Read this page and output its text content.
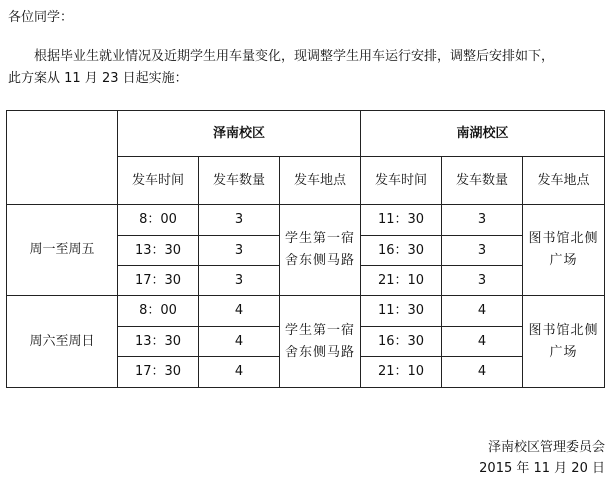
各位同学：
根据毕业生就业情况及近期学生用车量变化，现调整学生用车运行安排，调整后安排如下，
此方案从 11 月 23 日起实施：
	泽南校区			南湖校区		
	发车时间	发车数量	发车地点	发车时间	发车数量	发车地点
周一至周五	8：00	3	学生第一宿舍东侧马路	11：30	3	图书馆北侧广场
	13：30	3		16：30	3	
	17：30	3		21：10	3	
周六至周日	8：00	4	学生第一宿舍东侧马路	11：30	4	图书馆北侧广场
	13：30	4		16：30	4	
	17：30	4		21：10	4	
泽南校区管理委员会
2015 年 11 月 20 日
